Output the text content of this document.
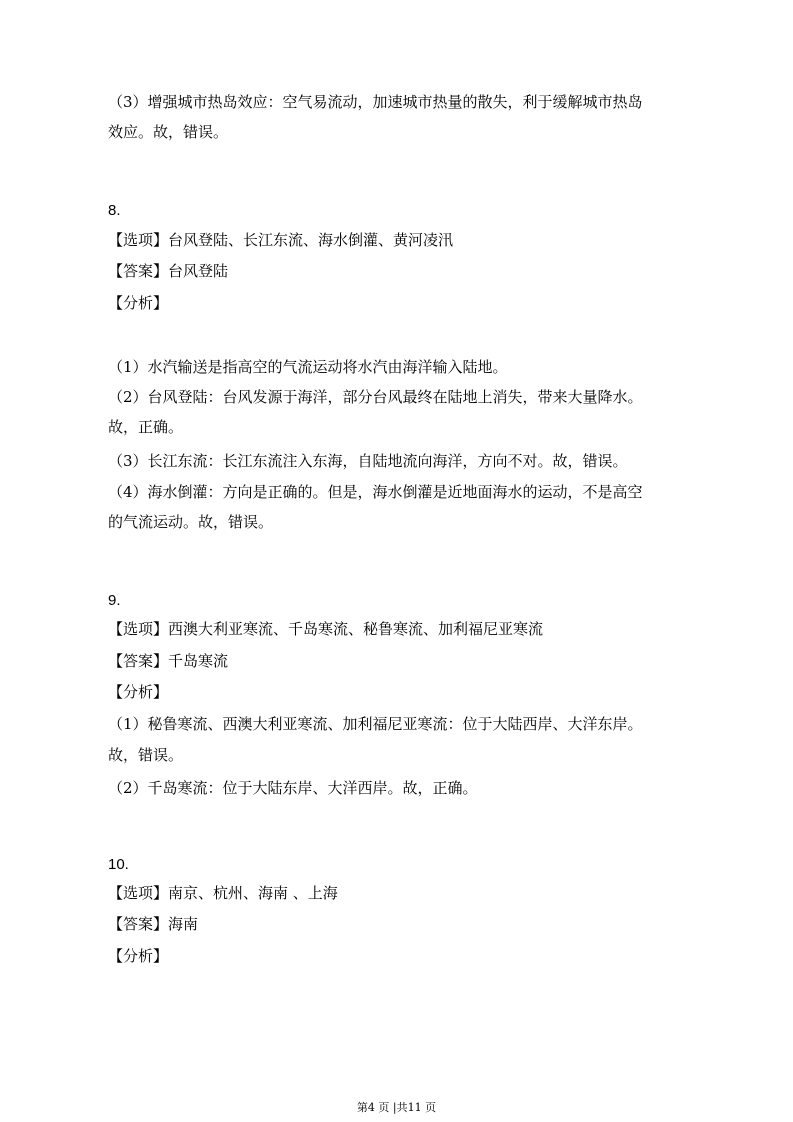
（3）增强城市热岛效应：空气易流动，加速城市热量的散失，利于缓解城市热岛
效应。故，错误。
8.
【选项】台风登陆、长江东流、海水倒灌、黄河凌汛
【答案】台风登陆
【分析】
（1）水汽输送是指高空的气流运动将水汽由海洋输入陆地。
（2）台风登陆：台风发源于海洋，部分台风最终在陆地上消失，带来大量降水。
故，正确。
（3）长江东流：长江东流注入东海，自陆地流向海洋，方向不对。故，错误。
（4）海水倒灌：方向是正确的。但是，海水倒灌是近地面海水的运动，不是高空
的气流运动。故，错误。
9.
【选项】西澳大利亚寒流、千岛寒流、秘鲁寒流、加利福尼亚寒流
【答案】千岛寒流
【分析】
（1）秘鲁寒流、西澳大利亚寒流、加利福尼亚寒流：位于大陆西岸、大洋东岸。
故，错误。
（2）千岛寒流：位于大陆东岸、大洋西岸。故，正确。
10.
【选项】南京、杭州、海南 、上海
【答案】海南
【分析】
第4 页 |共11 页
